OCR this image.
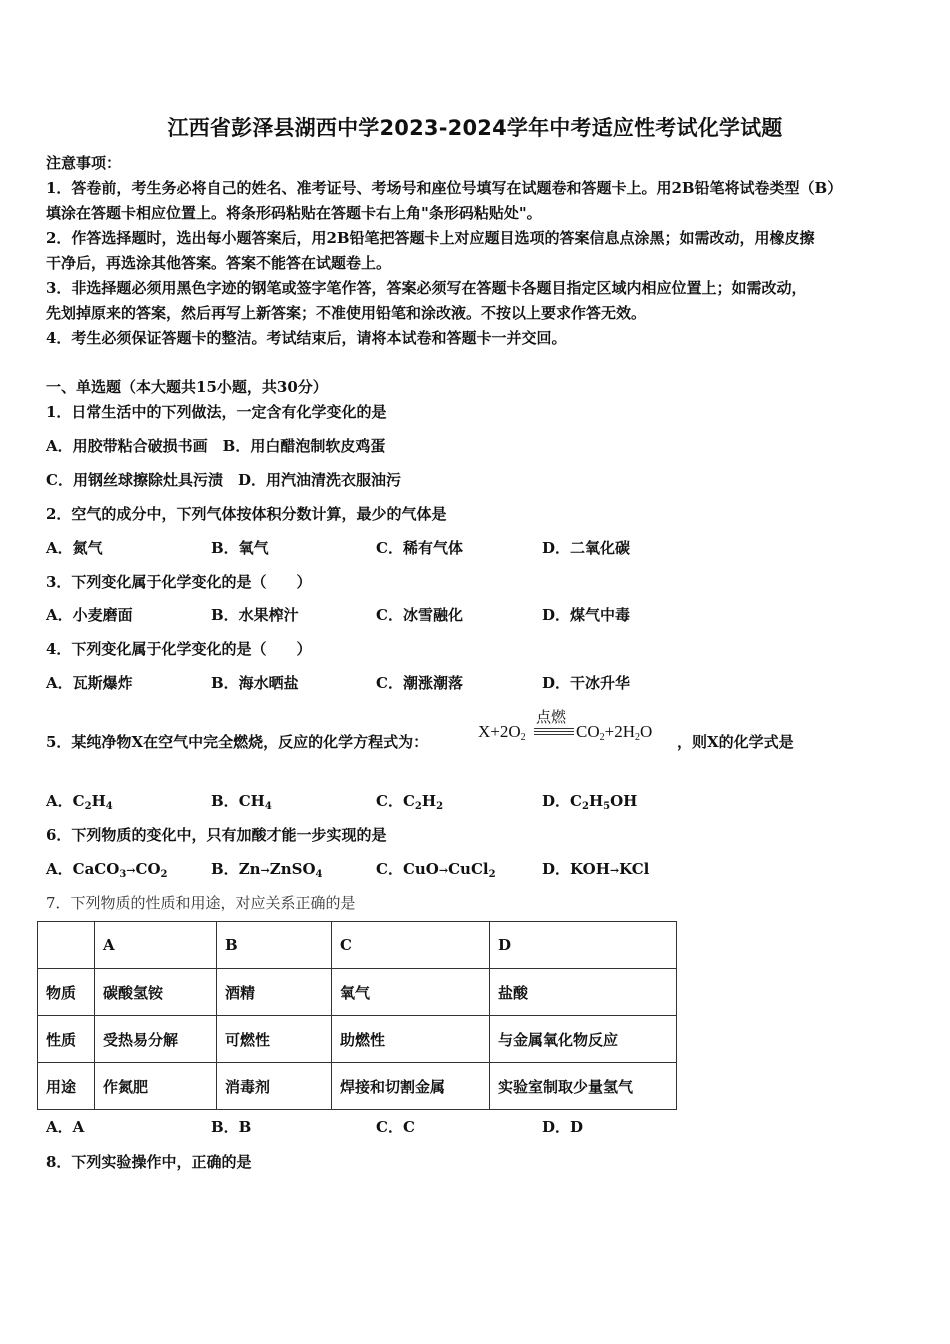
江西省彭泽县湖西中学2023-2024学年中考适应性考试化学试题
注意事项：
1．答卷前，考生务必将自己的姓名、准考证号、考场号和座位号填写在试题卷和答题卡上。用2B铅笔将试卷类型（B）
填涂在答题卡相应位置上。将条形码粘贴在答题卡右上角"条形码粘贴处"。
2．作答选择题时，选出每小题答案后，用2B铅笔把答题卡上对应题目选项的答案信息点涂黑；如需改动，用橡皮擦
干净后，再选涂其他答案。答案不能答在试题卷上。
3．非选择题必须用黑色字迹的钢笔或签字笔作答，答案必须写在答题卡各题目指定区域内相应位置上；如需改动，
先划掉原来的答案，然后再写上新答案；不准使用铅笔和涂改液。不按以上要求作答无效。
4．考生必须保证答题卡的整洁。考试结束后，请将本试卷和答题卡一并交回。
一、单选题（本大题共15小题，共30分）
1．日常生活中的下列做法，一定含有化学变化的是
A．用胶带粘合破损书画　B．用白醋泡制软皮鸡蛋
C．用钢丝球擦除灶具污渍　D．用汽油清洗衣服油污
2．空气的成分中，下列气体按体积分数计算，最少的气体是
A．氮气	B．氧气	C．稀有气体	D．二氧化碳
3．下列变化属于化学变化的是（　　）
A．小麦磨面	B．水果榨汁	C．冰雪融化	D．煤气中毒
4．下列变化属于化学变化的是（　　）
A．瓦斯爆炸	B．海水晒盐	C．潮涨潮落	D．干冰升华
5．某纯净物X在空气中完全燃烧，反应的化学方程式为：
点燃
$X+2O_2$	$CO_2+2H_2O$
，则X的化学式是
A．$C_2H_4$	B．$CH_4$	C．$C_2H_2$	D．$C_2H_5OH$
6．下列物质的变化中，只有加酸才能一步实现的是
A．$CaCO_3\to CO_2$	B．Zn→ZnSO$_4$	C．CuO→CuCl$_2$	D．KOH→KCl
7．下列物质的性质和用途，对应关系正确的是
	A	B	C	D
物质	碳酸氢铵	酒精	氧气	盐酸
性质	受热易分解	可燃性	助燃性	与金属氧化物反应
用途	作氮肥	消毒剂	焊接和切割金属	实验室制取少量氢气
A．A	B．B	C．C	D．D
8．下列实验操作中，正确的是
